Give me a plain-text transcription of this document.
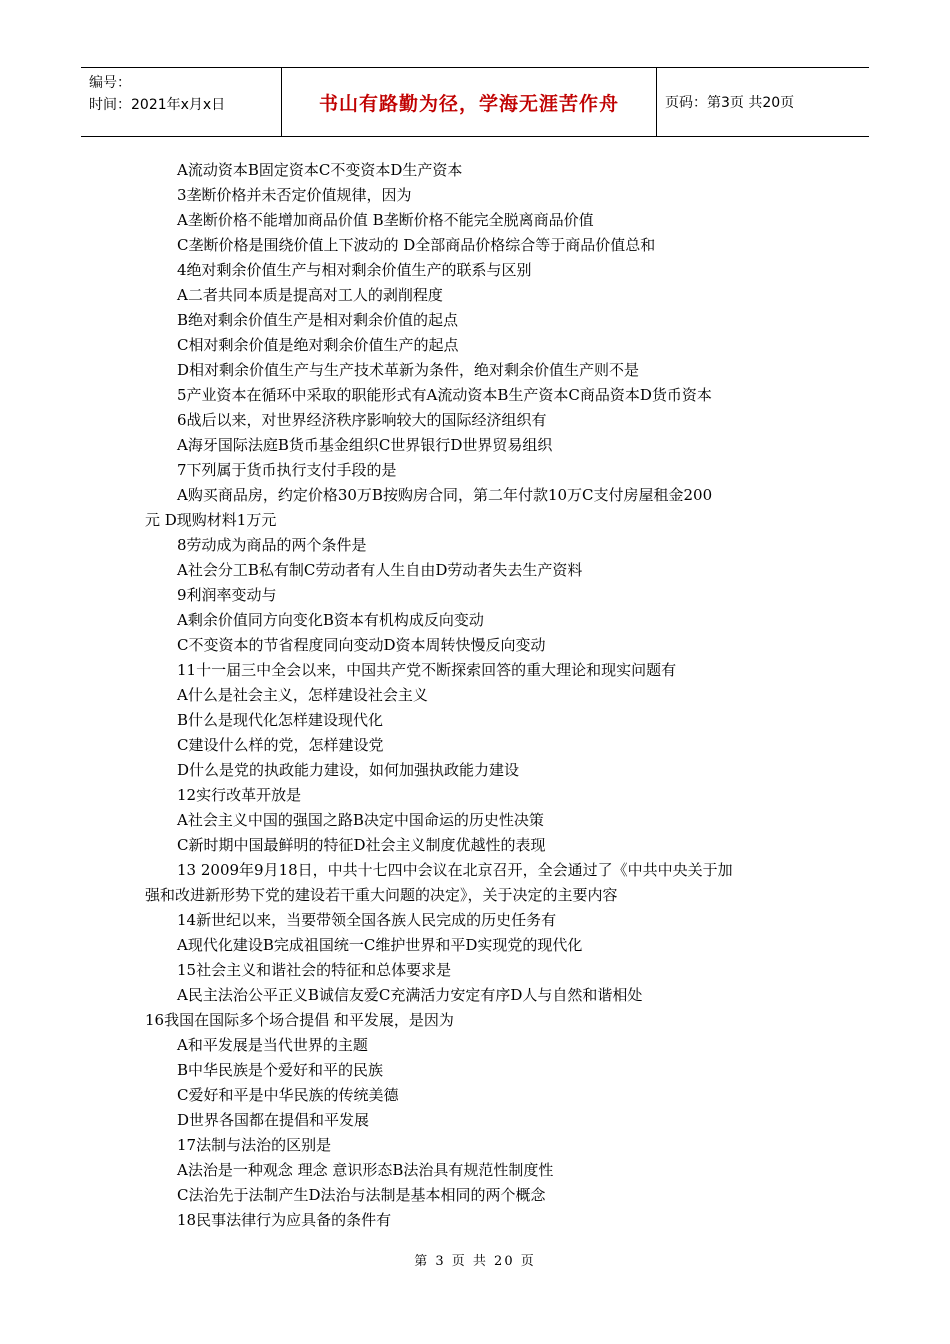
编号：
时间：2021年x月x日	书山有路勤为径，学海无涯苦作舟	页码：第3页 共20页
A流动资本B固定资本C不变资本D生产资本
3垄断价格并未否定价值规律，因为
A垄断价格不能增加商品价值 B垄断价格不能完全脱离商品价值
C垄断价格是围绕价值上下波动的 D全部商品价格综合等于商品价值总和
4绝对剩余价值生产与相对剩余价值生产的联系与区别
A二者共同本质是提高对工人的剥削程度
B绝对剩余价值生产是相对剩余价值的起点
C相对剩余价值是绝对剩余价值生产的起点
D相对剩余价值生产与生产技术革新为条件，绝对剩余价值生产则不是
5产业资本在循环中采取的职能形式有A流动资本B生产资本C商品资本D货币资本
6战后以来，对世界经济秩序影响较大的国际经济组织有
A海牙国际法庭B货币基金组织C世界银行D世界贸易组织
7下列属于货币执行支付手段的是
A购买商品房，约定价格30万B按购房合同，第二年付款10万C支付房屋租金200
元 D现购材料1万元
8劳动成为商品的两个条件是
A社会分工B私有制C劳动者有人生自由D劳动者失去生产资料
9利润率变动与
A剩余价值同方向变化B资本有机构成反向变动
C不变资本的节省程度同向变动D资本周转快慢反向变动
11十一届三中全会以来，中国共产党不断探索回答的重大理论和现实问题有
A什么是社会主义，怎样建设社会主义
B什么是现代化怎样建设现代化
C建设什么样的党，怎样建设党
D什么是党的执政能力建设，如何加强执政能力建设
12实行改革开放是
A社会主义中国的强国之路B决定中国命运的历史性决策
C新时期中国最鲜明的特征D社会主义制度优越性的表现
13 2009年9月18日，中共十七四中会议在北京召开，全会通过了《中共中央关于加
强和改进新形势下党的建设若干重大问题的决定》，关于决定的主要内容
14新世纪以来，当要带领全国各族人民完成的历史任务有
A现代化建设B完成祖国统一C维护世界和平D实现党的现代化
15社会主义和谐社会的特征和总体要求是
A民主法治公平正义B诚信友爱C充满活力安定有序D人与自然和谐相处
16我国在国际多个场合提倡 和平发展，是因为
A和平发展是当代世界的主题
B中华民族是个爱好和平的民族
C爱好和平是中华民族的传统美德
D世界各国都在提倡和平发展
17法制与法治的区别是
A法治是一种观念 理念 意识形态B法治具有规范性制度性
C法治先于法制产生D法治与法制是基本相同的两个概念
18民事法律行为应具备的条件有
第 3 页 共 20 页
